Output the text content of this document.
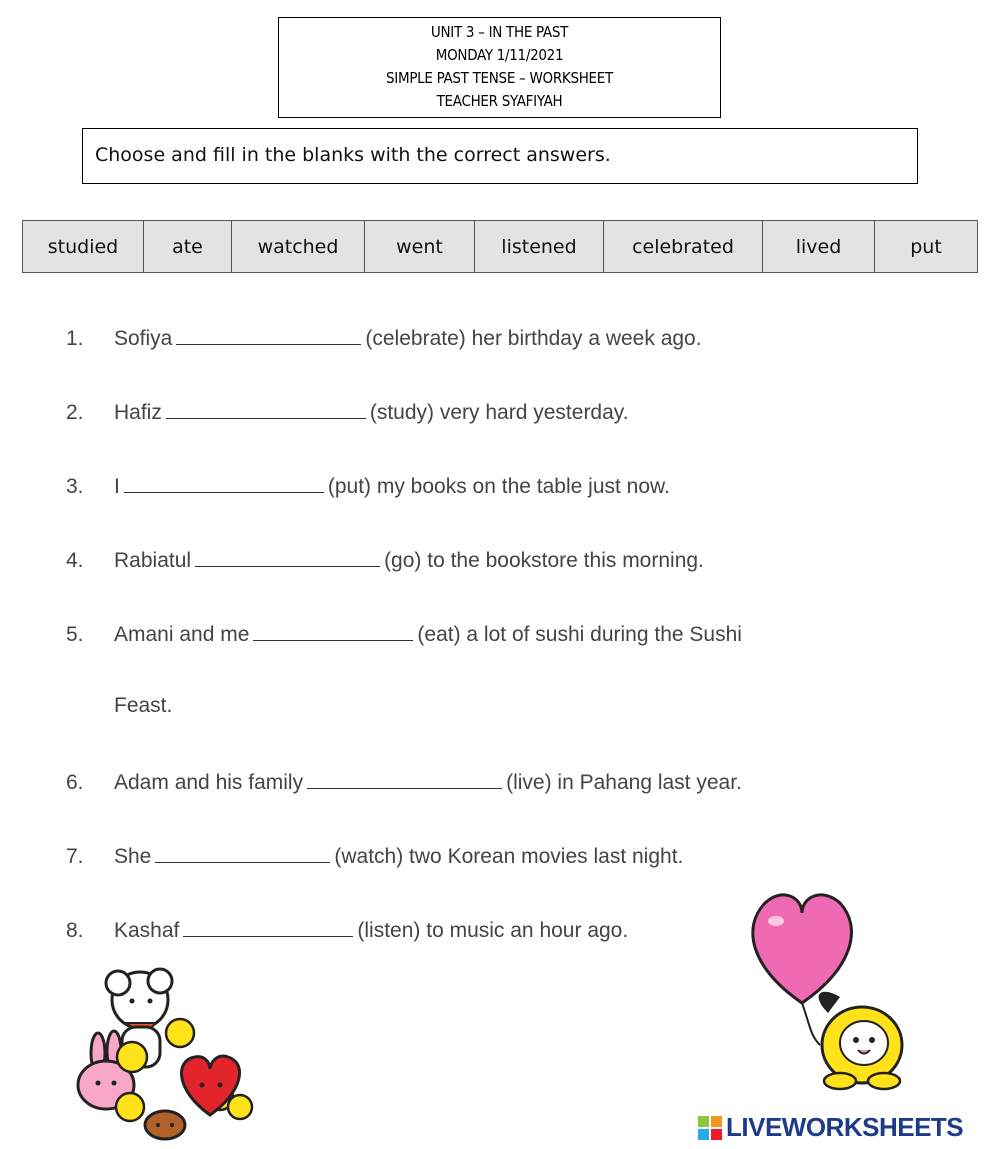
UNIT 3 – IN THE PAST
MONDAY 1/11/2021
SIMPLE PAST TENSE – WORKSHEET
TEACHER SYAFIYAH
Choose and fill in the blanks with the correct answers.
studied	ate	watched	went	listened	celebrated	lived	put
1. Sofiya	(celebrate) her birthday a week ago.
2. Hafiz	(study) very hard yesterday.
3. I	(put) my books on the table just now.
4. Rabiatul	(go) to the bookstore this morning.
5. Amani and me	(eat) a lot of sushi during the Sushi
Feast.
6. Adam and his family	(live) in Pahang last year.
7. She	(watch) two Korean movies last night.
8. Kashaf	(listen) to music an hour ago.
LIVEWORKSHEETS
